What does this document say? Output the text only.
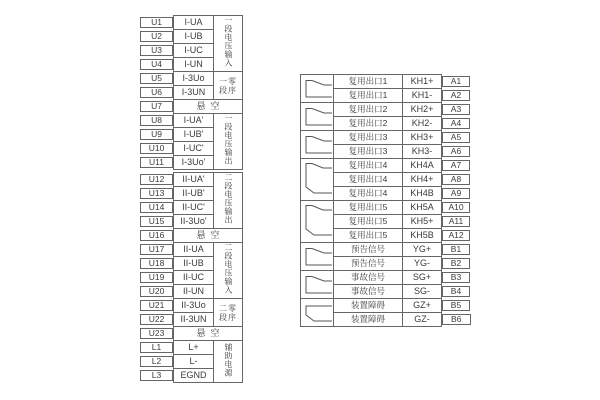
U1	I-UA	一段电压输入

U2	I-UB	

U3	I-UC	

U4	I-UN	

U5	I-3Uo	一零
段序

U6	I-3UN	

U7	悬空	

U8	I-UA'	一段电压输出

U9	I-UB'	

U10	I-UC'	

U11	I-3Uo'	
U12	II-UA'	二段电压输出

U13	II-UB'	

U14	II-UC'	

U15	II-3Uo'	

U16	悬空	

U17	II-UA	二段电压输入

U18	II-UB	

U19	II-UC	

U20	II-UN	

U21	II-3Uo	二零
段序

U22	II-3UN	

U23	悬空	

L1	L+	辅助电源

L2	L-	

L3	EGND	
	复用出口1	KH1+	A1

	复用出口1	KH1-	A2

	复用出口2	KH2+	A3

	复用出口2	KH2-	A4

	复用出口3	KH3+	A5

	复用出口3	KH3-	A6

	复用出口4	KH4A	A7

	复用出口4	KH4+	A8

	复用出口4	KH4B	A9

	复用出口5	KH5A	A10

	复用出口5	KH5+	A11

	复用出口5	KH5B	A12

	预告信号	YG+	B1

	预告信号	YG-	B2

	事故信号	SG+	B3

	事故信号	SG-	B4

	装置障碍	GZ+	B5

	装置障碍	GZ-	B6
